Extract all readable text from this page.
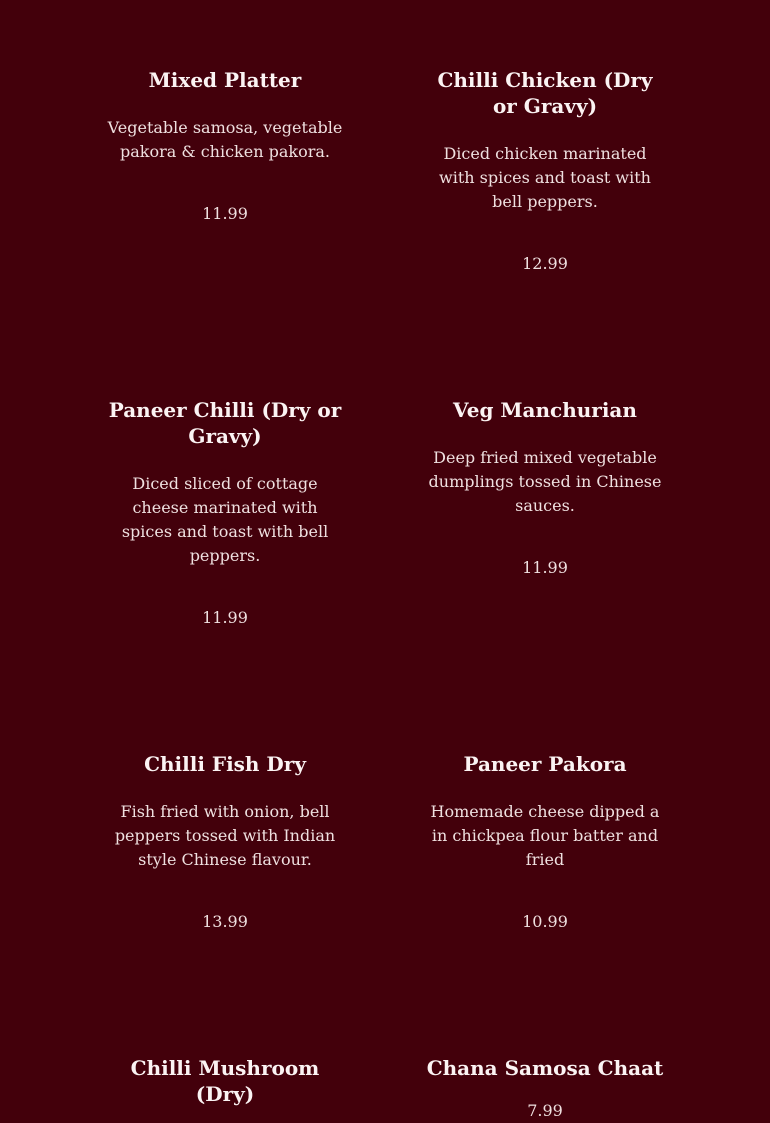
Mixed Platter
Vegetable samosa, vegetable pakora & chicken pakora.
11.99
Chilli Chicken (Dry or Gravy)
Diced chicken marinated with spices and toast with bell peppers.
12.99
Paneer Chilli (Dry or Gravy)
Diced sliced of cottage cheese marinated with spices and toast with bell peppers.
11.99
Veg Manchurian
Deep fried mixed vegetable dumplings tossed in Chinese sauces.
11.99
Chilli Fish Dry
Fish fried with onion, bell peppers tossed with Indian style Chinese flavour.
13.99
Paneer Pakora
Homemade cheese dipped a in chickpea flour batter and fried
10.99
Chilli Mushroom (Dry)
Chana Samosa Chaat
7.99
